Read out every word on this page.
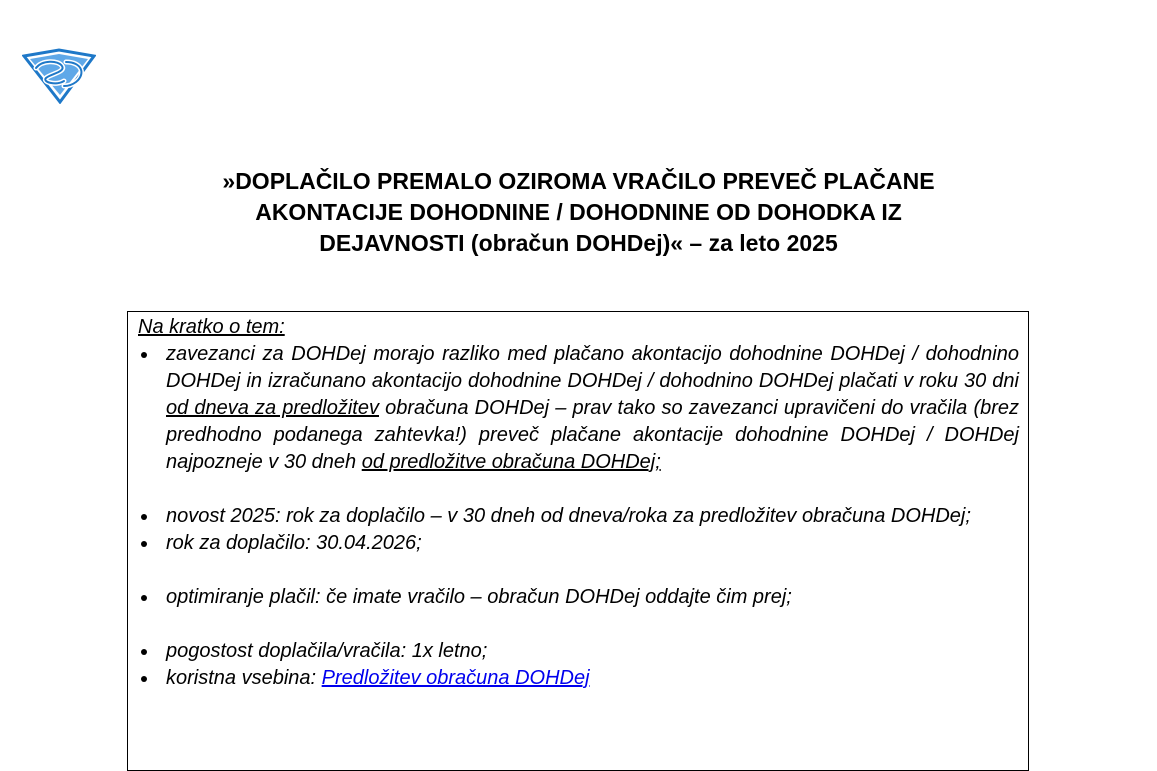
»DOPLAČILO PREMALO OZIROMA VRAČILO PREVEČ PLAČANE
AKONTACIJE DOHODNINE / DOHODNINE OD DOHODKA IZ
DEJAVNOSTI (obračun DOHDej)« – za leto 2025

Na kratko o tem:

zavezanci za DOHDej morajo razliko med plačano akontacijo dohodnine DOHDej / dohodnino DOHDej in izračunano akontacijo dohodnine DOHDej / dohodnino DOHDej plačati v roku 30 dni od dneva za predložitev obračuna DOHDej – prav tako so zavezanci upravičeni do vračila (brez predhodno podanega zahtevka!) preveč plačane akontacije dohodnine DOHDej / DOHDej najpozneje v 30 dneh od predložitve obračuna DOHDej;
novost 2025: rok za doplačilo – v 30 dneh od dneva/roka za predložitev obračuna DOHDej;
rok za doplačilo: 30.04.2026;
optimiranje plačil: če imate vračilo – obračun DOHDej oddajte čim prej;
pogostost doplačila/vračila: 1x letno;
koristna vsebina: Predložitev obračuna DOHDej
